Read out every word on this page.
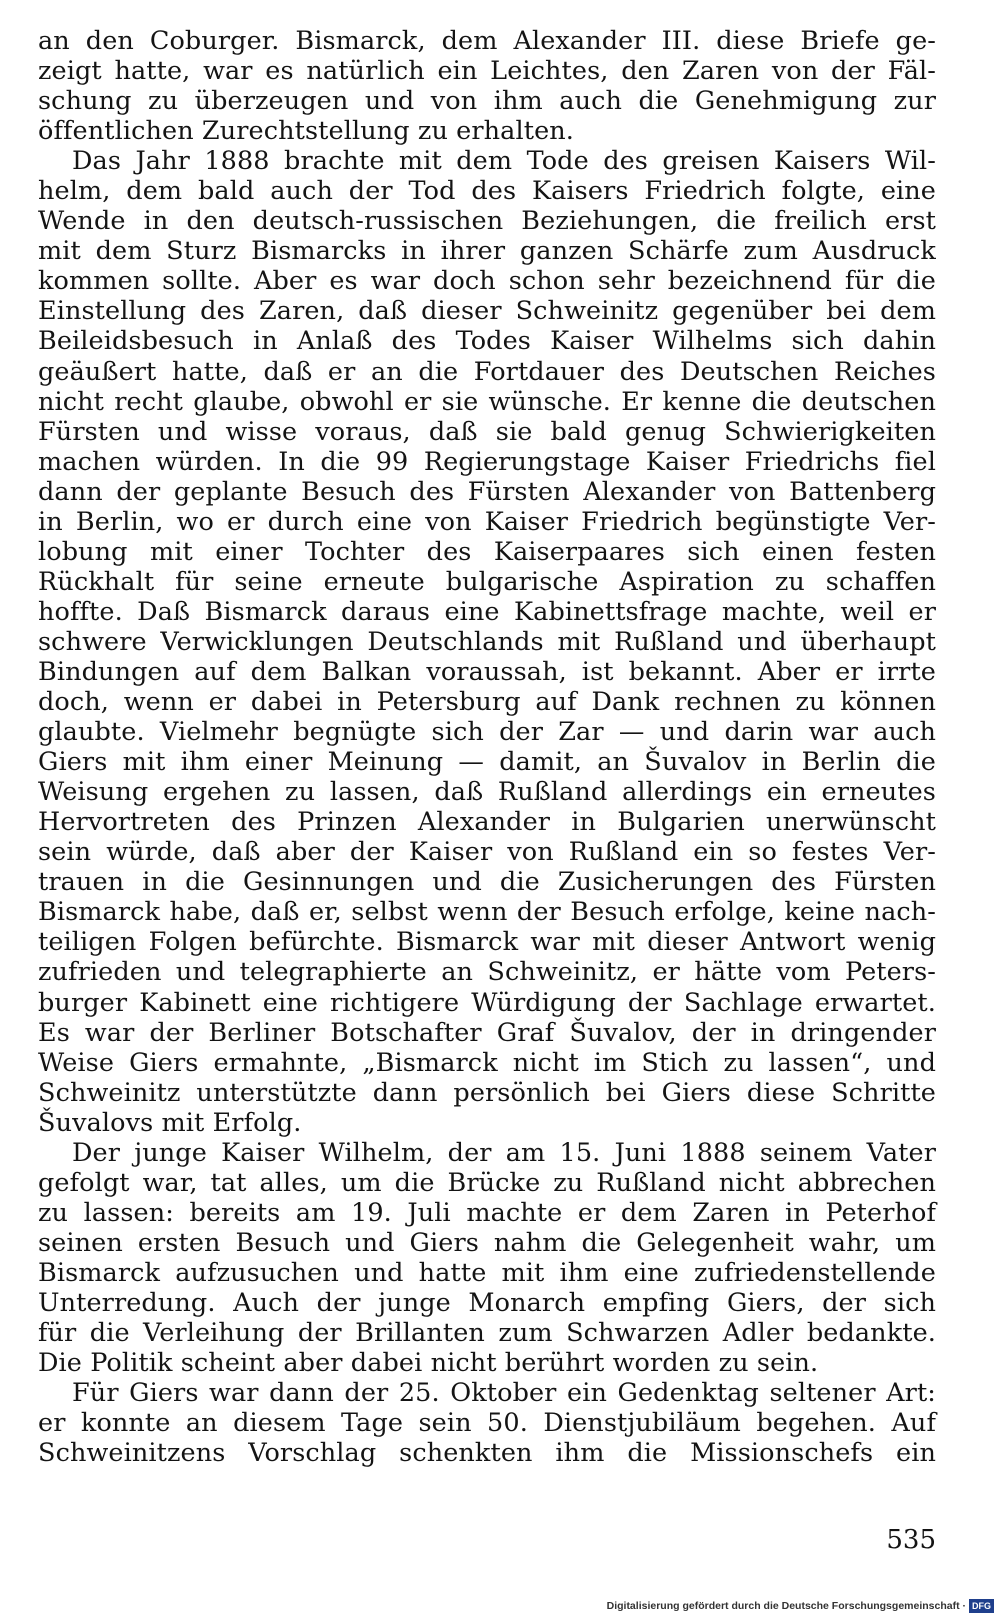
an den Coburger. Bismarck, dem Alexander III. diese Briefe ge-
zeigt hatte, war es natürlich ein Leichtes, den Zaren von der Fäl-
schung zu überzeugen und von ihm auch die Genehmigung zur
öffentlichen Zurechtstellung zu erhalten.
Das Jahr 1888 brachte mit dem Tode des greisen Kaisers Wil-
helm, dem bald auch der Tod des Kaisers Friedrich folgte, eine
Wende in den deutsch-russischen Beziehungen, die freilich erst
mit dem Sturz Bismarcks in ihrer ganzen Schärfe zum Ausdruck
kommen sollte. Aber es war doch schon sehr bezeichnend für die
Einstellung des Zaren, daß dieser Schweinitz gegenüber bei dem
Beileidsbesuch in Anlaß des Todes Kaiser Wilhelms sich dahin
geäußert hatte, daß er an die Fortdauer des Deutschen Reiches
nicht recht glaube, obwohl er sie wünsche. Er kenne die deutschen
Fürsten und wisse voraus, daß sie bald genug Schwierigkeiten
machen würden. In die 99 Regierungstage Kaiser Friedrichs fiel
dann der geplante Besuch des Fürsten Alexander von Battenberg
in Berlin, wo er durch eine von Kaiser Friedrich begünstigte Ver-
lobung mit einer Tochter des Kaiserpaares sich einen festen
Rückhalt für seine erneute bulgarische Aspiration zu schaffen
hoffte. Daß Bismarck daraus eine Kabinettsfrage machte, weil er
schwere Verwicklungen Deutschlands mit Rußland und überhaupt
Bindungen auf dem Balkan voraussah, ist bekannt. Aber er irrte
doch, wenn er dabei in Petersburg auf Dank rechnen zu können
glaubte. Vielmehr begnügte sich der Zar — und darin war auch
Giers mit ihm einer Meinung — damit, an Šuvalov in Berlin die
Weisung ergehen zu lassen, daß Rußland allerdings ein erneutes
Hervortreten des Prinzen Alexander in Bulgarien unerwünscht
sein würde, daß aber der Kaiser von Rußland ein so festes Ver-
trauen in die Gesinnungen und die Zusicherungen des Fürsten
Bismarck habe, daß er, selbst wenn der Besuch erfolge, keine nach-
teiligen Folgen befürchte. Bismarck war mit dieser Antwort wenig
zufrieden und telegraphierte an Schweinitz, er hätte vom Peters-
burger Kabinett eine richtigere Würdigung der Sachlage erwartet.
Es war der Berliner Botschafter Graf Šuvalov, der in dringender
Weise Giers ermahnte, „Bismarck nicht im Stich zu lassen“, und
Schweinitz unterstützte dann persönlich bei Giers diese Schritte
Šuvalovs mit Erfolg.
Der junge Kaiser Wilhelm, der am 15. Juni 1888 seinem Vater
gefolgt war, tat alles, um die Brücke zu Rußland nicht abbrechen
zu lassen: bereits am 19. Juli machte er dem Zaren in Peterhof
seinen ersten Besuch und Giers nahm die Gelegenheit wahr, um
Bismarck aufzusuchen und hatte mit ihm eine zufriedenstellende
Unterredung. Auch der junge Monarch empfing Giers, der sich
für die Verleihung der Brillanten zum Schwarzen Adler bedankte.
Die Politik scheint aber dabei nicht berührt worden zu sein.
Für Giers war dann der 25. Oktober ein Gedenktag seltener Art:
er konnte an diesem Tage sein 50. Dienstjubiläum begehen. Auf
Schweinitzens Vorschlag schenkten ihm die Missionschefs ein
535
Digitalisierung gefördert durch die Deutsche Forschungsgemeinschaft · DFG
